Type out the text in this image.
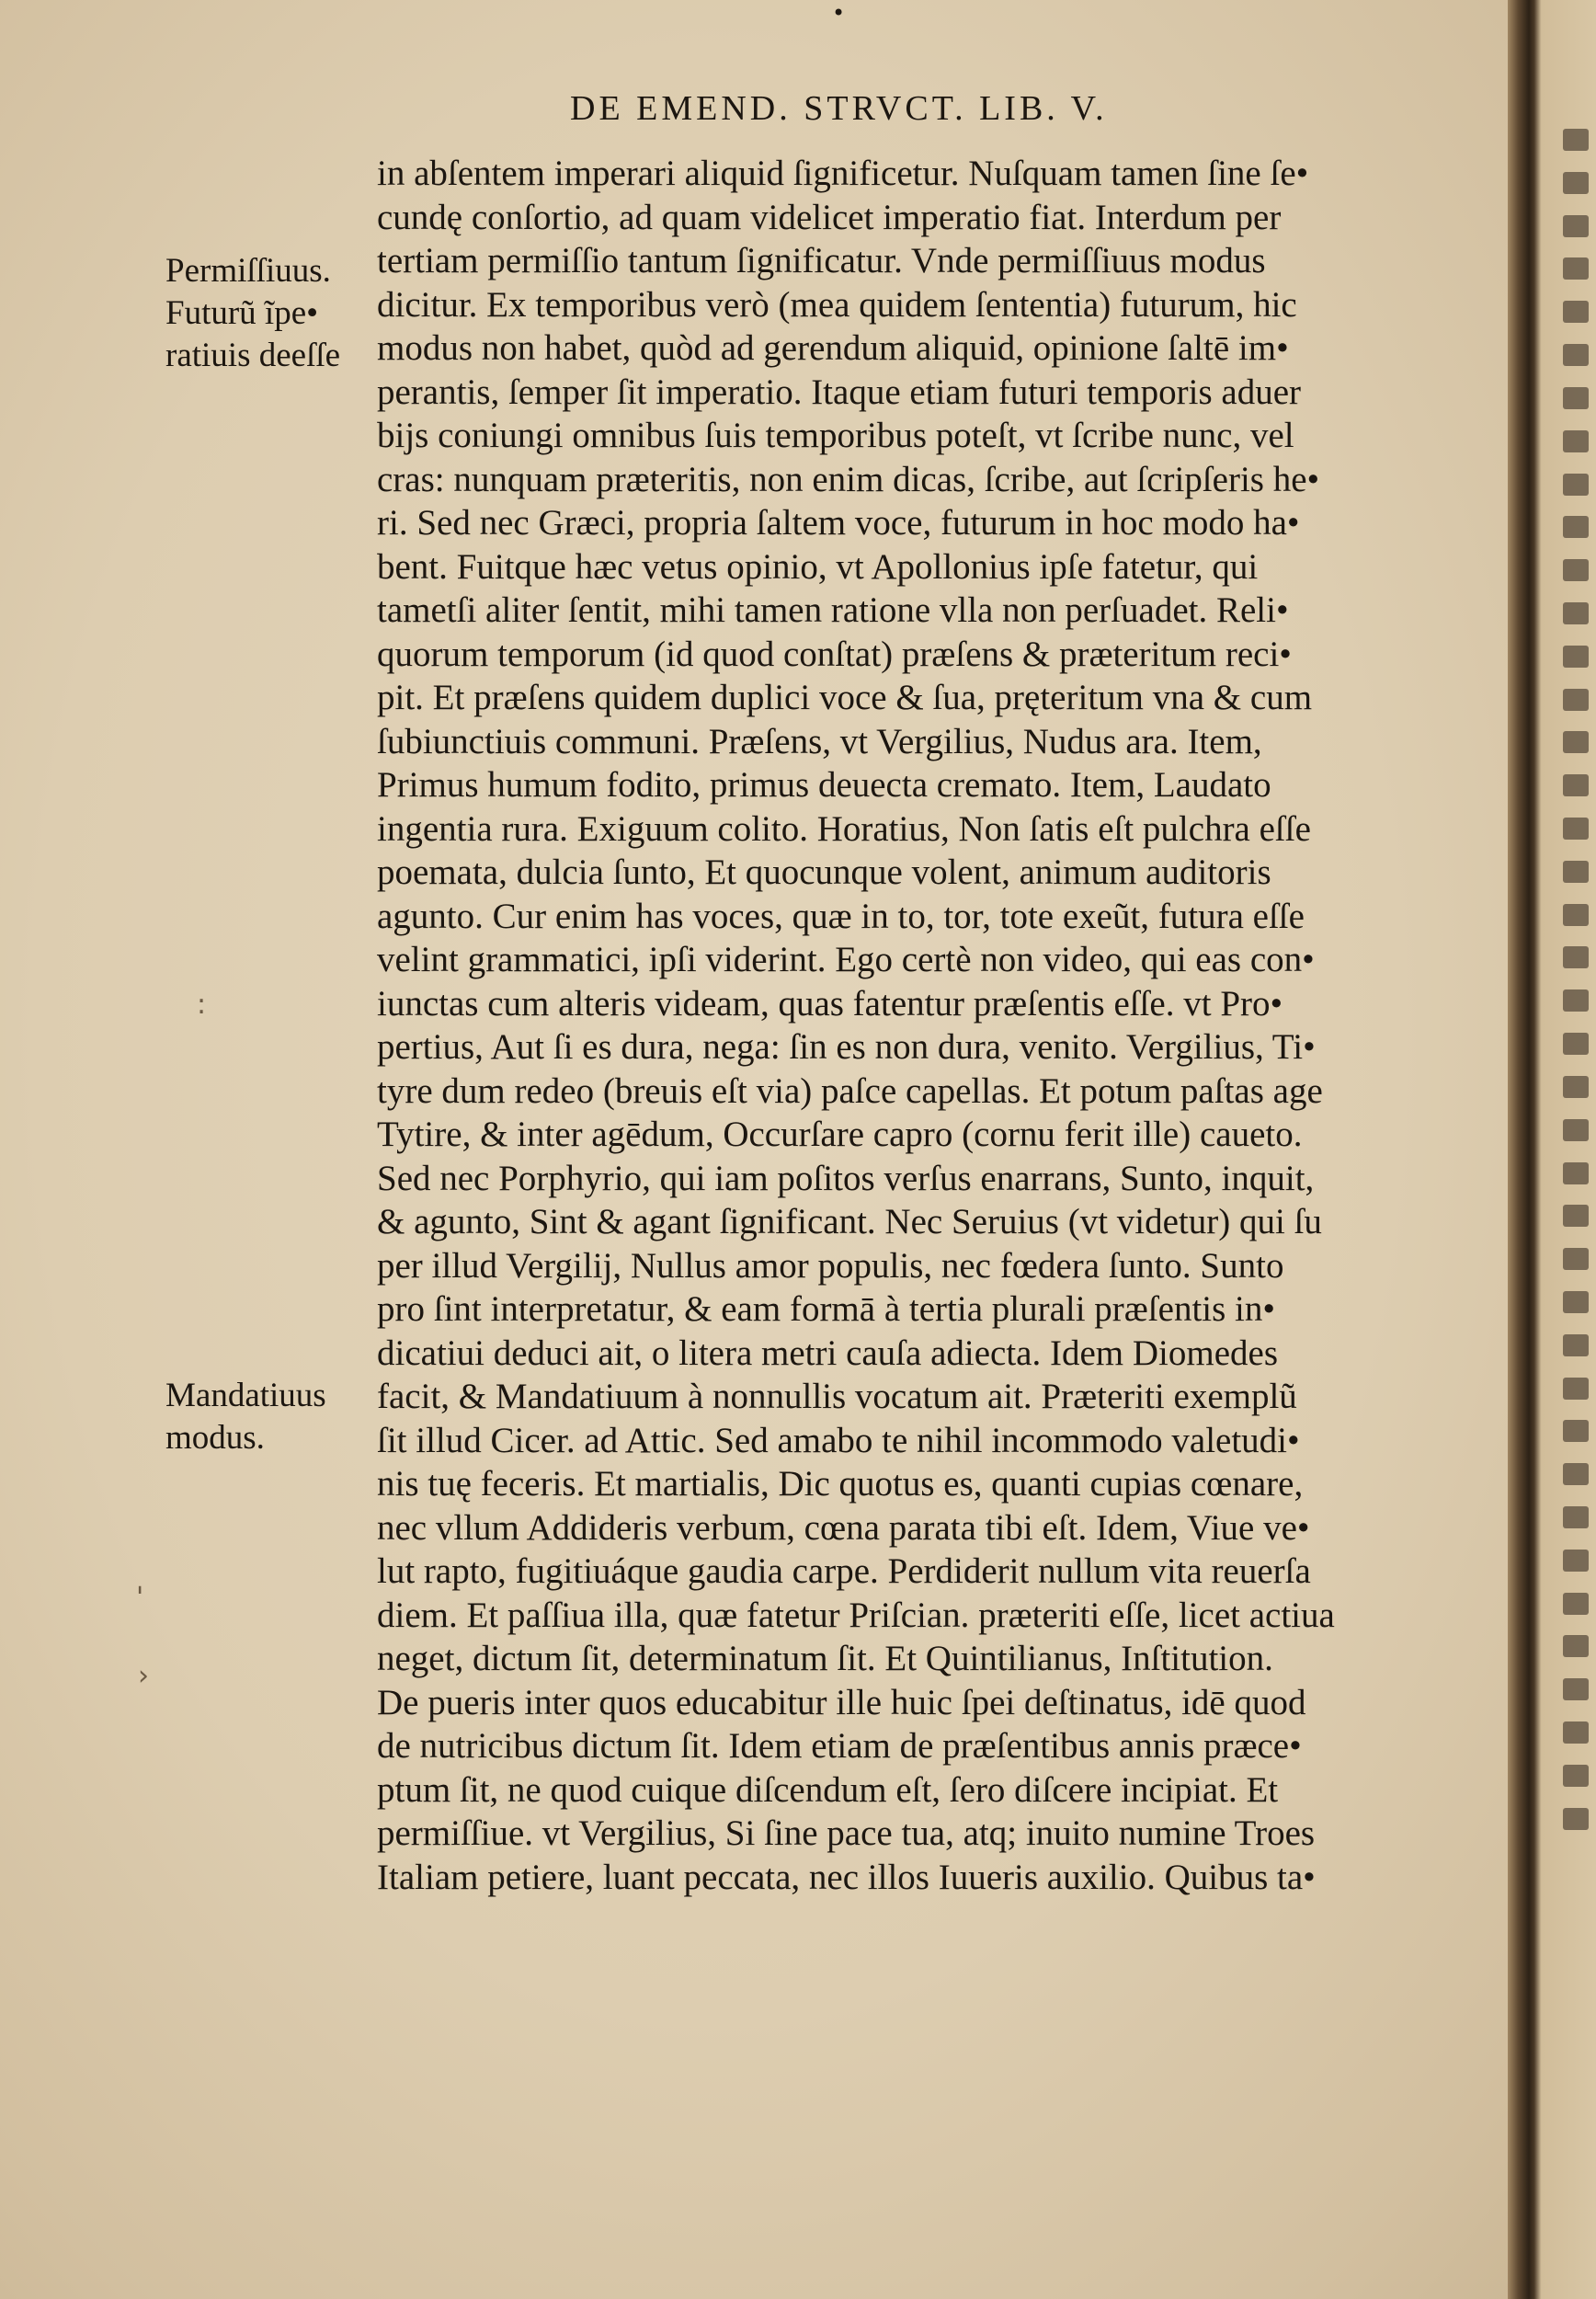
•
DE EMEND. STRVCT. LIB. V.
Permiſſiuus.
Futurũ ĩpe•
ratiuis deeſſe
Mandatiuus
modus.
›
'
:
in abſentem imperari aliquid ſignificetur. Nuſquam tamen ſine ſe•
cundę conſortio, ad quam videlicet imperatio fiat. Interdum per
tertiam permiſſio tantum ſignificatur. Vnde permiſſiuus modus
dicitur. Ex temporibus verò (mea quidem ſententia) futurum, hic
modus non habet, quòd ad gerendum aliquid, opinione ſaltē im•
perantis, ſemper ſit imperatio. Itaque etiam futuri temporis aduer
bijs coniungi omnibus ſuis temporibus poteſt, vt ſcribe nunc, vel
cras: nunquam præteritis, non enim dicas, ſcribe, aut ſcripſeris he•
ri. Sed nec Græci, propria ſaltem voce, futurum in hoc modo ha•
bent. Fuitque hæc vetus opinio, vt Apollonius ipſe fatetur, qui
tametſi aliter ſentit, mihi tamen ratione vlla non perſuadet. Reli•
quorum temporum (id quod conſtat) præſens & præteritum reci•
pit. Et præſens quidem duplici voce & ſua, pręteritum vna & cum
ſubiunctiuis communi. Præſens, vt Vergilius, Nudus ara. Item,
Primus humum fodito, primus deuecta cremato. Item, Laudato
ingentia rura. Exiguum colito. Horatius, Non ſatis eſt pulchra eſſe
poemata, dulcia ſunto, Et quocunque volent, animum auditoris
agunto. Cur enim has voces, quæ in to, tor, tote exeũt, futura eſſe
velint grammatici, ipſi viderint. Ego certè non video, qui eas con•
iunctas cum alteris videam, quas fatentur præſentis eſſe. vt Pro•
pertius, Aut ſi es dura, nega: ſin es non dura, venito. Vergilius, Ti•
tyre dum redeo (breuis eſt via) paſce capellas. Et potum paſtas age
Tytire, & inter agēdum, Occurſare capro (cornu ferit ille) caueto.
Sed nec Porphyrio, qui iam poſitos verſus enarrans, Sunto, inquit,
& agunto, Sint & agant ſignificant. Nec Seruius (vt videtur) qui ſu
per illud Vergilij, Nullus amor populis, nec fœdera ſunto. Sunto
pro ſint interpretatur, & eam formā à tertia plurali præſentis in•
dicatiui deduci ait, o litera metri cauſa adiecta. Idem Diomedes
facit, & Mandatiuum à nonnullis vocatum ait. Præteriti exemplũ
ſit illud Cicer. ad Attic. Sed amabo te nihil incommodo valetudi•
nis tuę feceris. Et martialis, Dic quotus es, quanti cupias cœnare,
nec vllum Addideris verbum, cœna parata tibi eſt. Idem, Viue ve•
lut rapto, fugitiuáque gaudia carpe. Perdiderit nullum vita reuerſa
diem. Et paſſiua illa, quæ fatetur Priſcian. præteriti eſſe, licet actiua
neget, dictum ſit, determinatum ſit. Et Quintilianus, Inſtitution.
De pueris inter quos educabitur ille huic ſpei deſtinatus, idē quod
de nutricibus dictum ſit. Idem etiam de præſentibus annis præce•
ptum ſit, ne quod cuique diſcendum eſt, ſero diſcere incipiat. Et
permiſſiue. vt Vergilius, Si ſine pace tua, atq; inuito numine Troes
Italiam petiere, luant peccata, nec illos Iuueris auxilio. Quibus ta•
